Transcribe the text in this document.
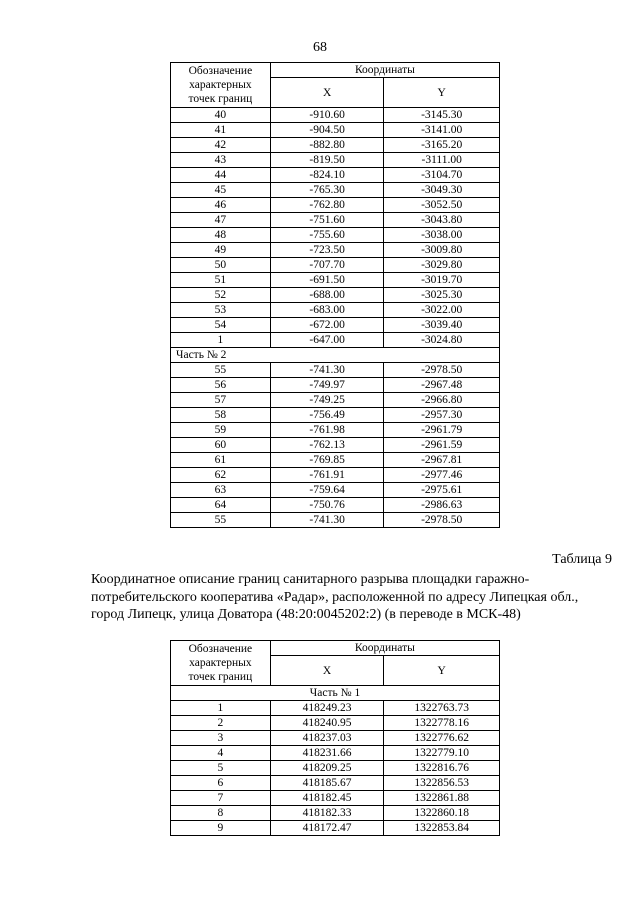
68
Обозначение
характерных
точек границ	Координаты	
	X	Y
40	-910.60	-3145.30
41	-904.50	-3141.00
42	-882.80	-3165.20
43	-819.50	-3111.00
44	-824.10	-3104.70
45	-765.30	-3049.30
46	-762.80	-3052.50
47	-751.60	-3043.80
48	-755.60	-3038.00
49	-723.50	-3009.80
50	-707.70	-3029.80
51	-691.50	-3019.70
52	-688.00	-3025.30
53	-683.00	-3022.00
54	-672.00	-3039.40
1	-647.00	-3024.80
Часть № 2		
55	-741.30	-2978.50
56	-749.97	-2967.48
57	-749.25	-2966.80
58	-756.49	-2957.30
59	-761.98	-2961.79
60	-762.13	-2961.59
61	-769.85	-2967.81
62	-761.91	-2977.46
63	-759.64	-2975.61
64	-750.76	-2986.63
55	-741.30	-2978.50
Таблица 9
Координатное описание границ санитарного разрыва площадки гаражно-
потребительского кооператива «Радар», расположенной по адресу Липецкая обл.,
город Липецк, улица Доватора (48:20:0045202:2) (в переводе в МСК-48)
Обозначение
характерных
точек границ	Координаты	
	X	Y
Часть № 1		
1	418249.23	1322763.73
2	418240.95	1322778.16
3	418237.03	1322776.62
4	418231.66	1322779.10
5	418209.25	1322816.76
6	418185.67	1322856.53
7	418182.45	1322861.88
8	418182.33	1322860.18
9	418172.47	1322853.84
